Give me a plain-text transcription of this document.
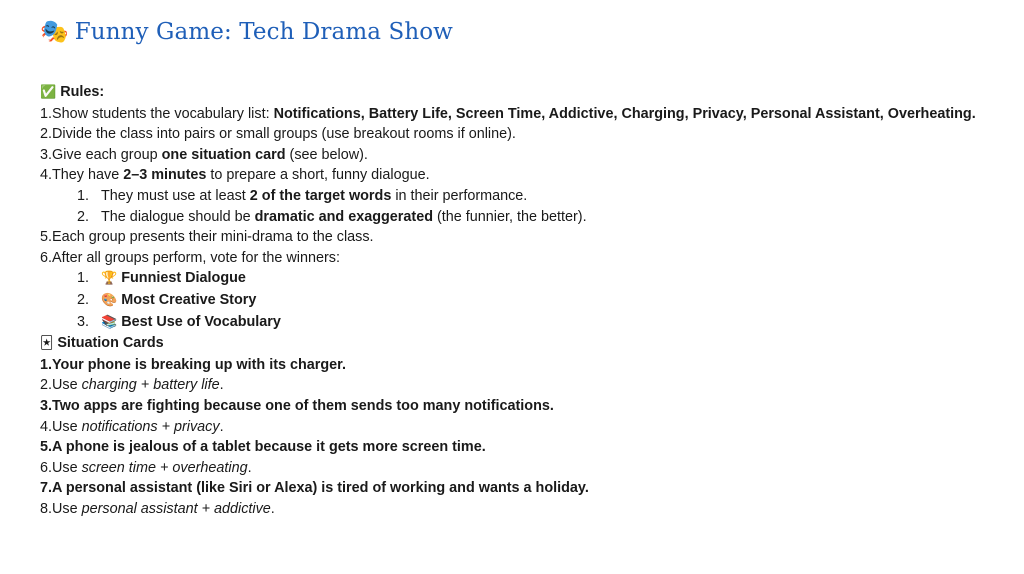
🎭 Funny Game: Tech Drama Show
✅ Rules:
1.Show students the vocabulary list: Notifications, Battery Life, Screen Time, Addictive, Charging, Privacy, Personal Assistant, Overheating.
2.Divide the class into pairs or small groups (use breakout rooms if online).
3.Give each group one situation card (see below).
4.They have 2–3 minutes to prepare a short, funny dialogue.
1. They must use at least 2 of the target words in their performance.
2. The dialogue should be dramatic and exaggerated (the funnier, the better).
5.Each group presents their mini-drama to the class.
6.After all groups perform, vote for the winners:
1. 🏆 Funniest Dialogue
2. 🎨 Most Creative Story
3. 📚 Best Use of Vocabulary
🃏 Situation Cards
1.Your phone is breaking up with its charger.
2.Use charging + battery life.
3.Two apps are fighting because one of them sends too many notifications.
4.Use notifications + privacy.
5.A phone is jealous of a tablet because it gets more screen time.
6.Use screen time + overheating.
7.A personal assistant (like Siri or Alexa) is tired of working and wants a holiday.
8.Use personal assistant + addictive.
